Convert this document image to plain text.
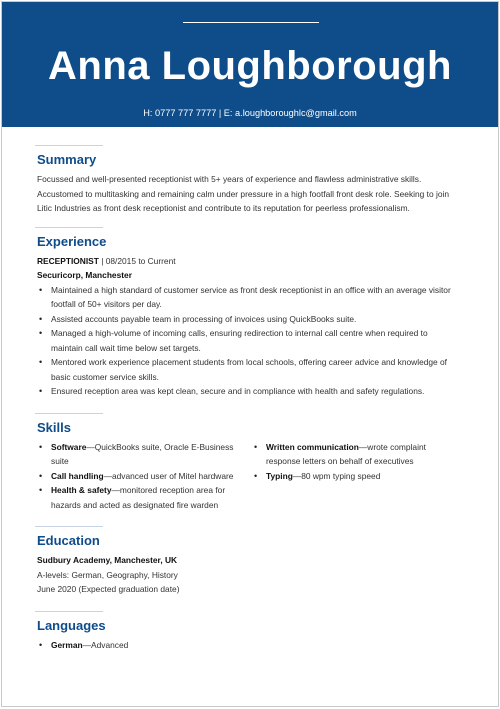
Anna Loughborough
H: 0777 777 7777 | E: a.loughboroughlc@gmail.com
Summary
Focussed and well-presented receptionist with 5+ years of experience and flawless administrative skills. Accustomed to multitasking and remaining calm under pressure in a high footfall front desk role. Seeking to join Litic Industries as front desk receptionist and contribute to its reputation for peerless professionalism.
Experience
RECEPTIONIST | 08/2015 to Current
Securicorp, Manchester
• Maintained a high standard of customer service as front desk receptionist in an office with an average visitor footfall of 50+ visitors per day.
• Assisted accounts payable team in processing of invoices using QuickBooks suite.
• Managed a high-volume of incoming calls, ensuring redirection to internal call centre when required to maintain call wait time below set targets.
• Mentored work experience placement students from local schools, offering career advice and knowledge of basic customer service skills.
• Ensured reception area was kept clean, secure and in compliance with health and safety regulations.
Skills
• Software—QuickBooks suite, Oracle E-Business suite
• Call handling—advanced user of Mitel hardware
• Health & safety—monitored reception area for hazards and acted as designated fire warden
• Written communication—wrote complaint response letters on behalf of executives
• Typing—80 wpm typing speed
Education
Sudbury Academy, Manchester, UK
A-levels: German, Geography, History
June 2020 (Expected graduation date)
Languages
• German—Advanced
